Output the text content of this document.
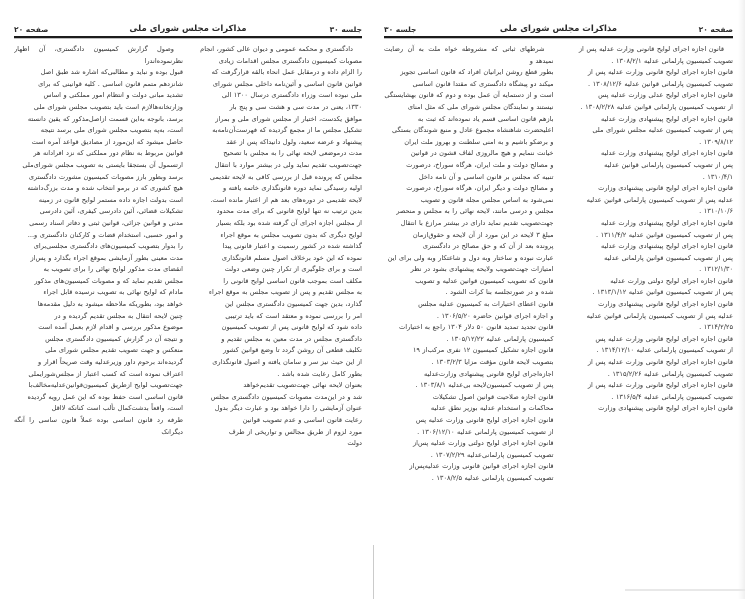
صفحه ۲۰
مذاکرات مجلس شورای ملی
جلسه ۳۰

قانون اجازه اجرای لوایح قانونی وزارت عدلیه پس از

تصویب کمیسیون پارلمانی عدلیه ۱۳۰۸/۲/۱ .

قانون اجازه اجرای لوایح قانونی وزارت عدلیه پس از

تصویب کمیسیون پارلمانی قوانین عدلیه ۱۳۰۸/۱۲/۶ .

قانون اجازه اجرای لوایح عدلی وزارت عدلیه پس

از تصویب کمیسیون پارلمانی قوانین عدلیه ۱۳۰۸/۲/۲۸ .

قانون اجازه اجرای لوایح پیشنهادی وزارت عدلیه

پس از تصویب کمیسیون عدلیه مجلس شورای ملی

۱۳۰۹/۸/۱۲ .

قانون اجازه اجرای لوایح پیشنهادی وزارت عدلیه

پس از تصویب کمیسیون پارلمانی قوانین عدلیه

۱۳۱۰/۴/۱ .

قانون اجازه اجرای لوایح قانونی پیشنهادی وزارت

عدلیه پس از تصویب کمیسیون پارلمانی قوانین عدلیه

۱۳۱۰/۱۰/۶ .

قانون اجازه اجرای لوایح پیشنهادی وزارت عدلیه

پس از تصویب کمیسیون قوانین عدلیه ۱۳۱۱/۴/۲ .

قانون اجازه اجرای لوایح پیشنهادی وزارت عدلیه

پس از تصویب کمیسیون قوانین پارلمانی عدلیه

۱۳۱۲/۱/۳۰ .

قانون اجازه اجرای لوایح دولتی وزارت عدلیه

پس از تصویب کمیسیون قوانین عدلیه ۱۳۱۳/۱/۱۲ .

قانون اجازه اجرای لوایح قانونی پیشنهادی وزارت

عدلیه پس از تصویب کمیسیون پارلمانی قوانین عدلیه

۱۳۱۴/۲/۲۵ .

قانون اجازه اجرای لوایح قانونی وزارت عدلیه پس

از تصویب کمیسیون پارلمانی عدلیه ۱۳۱۴/۱۲/۱۰ .

قانون اجازه اجرای لوایح قانونی وزارت عدلیه پس از

تصویب کمیسیون پارلمانی عدلیه ۱۳۱۵/۲/۲۶ .

قانون اجازه اجرای لوایح قانونی وزارت عدلیه پس از

تصویب کمیسیون پارلمانی عدلیه ۱۳۱۶/۵/۴ .

قانون اجازه اجرای لوایح قانونی پیشنهادی وزارت

شرطهای ثباتی که مشروطه خواه ملت به آن رضایت نمیدهد و

بطور قطع روشن ایرانیان افراد که قانون اساسی تجویز

میکند دو پیشگاه دادگستری که مقتدا قانون اساسی

است و از دستمایه آن عمل بوده و دوم که قانون بهشایستگی

نیستند و نمایندگان مجلس شورای ملی که مثل امنای

بازهم قانون اساسی قسم یاد نموده‌اند که ثبت به

اعلیحضرت شاهنشاه مجموع عادل و منبع شوندگان بستگی

و برضکو باشیم و به امنی سلطنت و بهروز ملت ایران

خیانت ننمایم و هیچ مالروزی لفاف قشون در قوانین

و مصالح دولت و ملت ایران، هرگاه سوراخ، درصورت

تنبیه که مجلس بر قانون اساسی و آن نامه داخل

و مصالح دولت و دیگر ایران، هرگاه سوراخ، درصورت

نمی‌شود به اساس مجلس مجله قانون و تصویب

مجلس و درسی مانند، لایحه نهائی را به مجلس و منحصر

جهت‌تصویب تقدیم نماید دارای در بیشتر مرازع با انتقال

مبلغ ۳ لایحه در این مورد از آن لایحه و حقوق‌ازمان

پرونده بعد از آن که و حق مصالح در دادگستری

عبارت نبوده و ساختار وبه دول و شاعتکار وبه ولی برای این

امتیازات جهت‌تصویب ولایحه پیشنهادی بشود در نظر

قانون که تصویب کمیسیون قوانین عدلیه و تصویب

شده و در صورتجلسه بنا کرات الشود .

قانون اعطای اختیارات به کمیسیون عدلیه مجلس

و اجازه اجرای قوانین حاضره ۱۳۰۶/۵/۲۰ .

قانون تجدید تمدید قانون ۵۰ دلار ۱۳۰۴ راجع به اختیارات

کمیسیون پارلمانی عدلیه ۱۳۰۵/۱۲/۲۲ .

قانون اجازه تشکیل کمیسیون ۱۲ نفری مرکب‌از ۱۹

بتصویب لایحه قانون مؤقت مزایا ۱۳۰۳/۲/۳ .

اجازه‌اجرای لوایح قانونی پیشنهادی وزارت‌عدلیه

پس از تصویب کمیسیون‌لایحه بی‌عدلیه ۱۳۰۳/۸/۱ .

قانون اجازه صلاحیت قوانین اصول تشکیلات

محاکمات و استخدام عدلیه بوزیر نطق عدلیه

قانون اجازه اجرای لوایح قانونی وزارت عدلیه پس

از تصویب کمیسیون پارلمانی عدلیه ۱۳۰۶/۱۲/۱۰ .

قانون اجازه اجرای لوایح دولتی وزارت عدلیه پس‌از

تصویب کمیسیون پارلمانی‌عدلیه ۱۳۰۷/۲/۲۹ .

قانون اجازه اجرای قوانین قانونی وزارت عدلیه‌پس‌از

تصویب کمیسیون پارلمانی عدلیه ۱۳۰۸/۲/۵ .

جلسه ۳۰
مذاکرات مجلس شورای ملی
صفحه ۲۰

دادگستری و محکمه عمومی و دیوان عالی کشور، انجام

مصوبات کمیسیون دادگستری مجلس اقدامات زیادی

را الزام داده و درمقابل عمل انحاء بالقه قرارگرفت که

قوانین قانون اساسی و آئین‌نامه داخلی مجلس شورای

ملی نبوده است وزراء دادگستری درسال ۱۳۰۰ الی

۱۳۳۰، یعنی در مدت سی و هشت سی و پنج بار

موافق یکدست، اختیار از مجلس شورای ملی و بمراز

تشکیل مجلس ما از مجمع گردیده که فهرست‌آن‌نامه‌به

پیشنهاد و عرضه سعید، ولول دانیداکه پس از عقد

مدت درموضعی لایحه نهائی را به مجلس با تصحیح

جهت‌تصویب تقدیم نماید ولی در بیشتر موارد با انتقال

مجلس که پرونده قبل از بررسی کافی به لایحه تقدیمی

اولیه رسیدگی نماید دوره قانونگذاری خاتمه یافته و

لایحه تقدیمی در دوره‌های بعد هم از اعتبار مانده است.

بدین ترتیب نه تنها لوایح قانونی که برای مدت محدود

از مجلس اجازه اجرای آن گرفته شده بود بلکه بسیار

لوایح دیگری که بدون تصویب مجلس به موقع اجراء

گذاشته شده در کشور رسمیت و اعتبار قانونی پیدا

نموده که این خود برخلاف اصول مسلم قانونگذاری

است و برای جلوگیری از تکرار چنین وضعی دولت

مکلف است بموجب قانون اساسی لوایح قانونی را

به مجلس تقدیم و پس از تصویب مجلس به موقع اجراء

گذارد، بدین جهت کمیسیون دادگستری مجلس این

امر را بررسی نموده و معتقد است که باید ترتیبی

داده شود که لوایح قانونی پس از تصویب کمیسیون

دادگستری مجلس در مدت معین به مجلس تقدیم و

تکلیف قطعی آن روشن گردد تا وضع قوانین کشور

از این حیث نیز سر و سامان یافته و اصول قانونگذاری

بطور کامل رعایت شده باشد .

بعنوان لایحه نهائی جهت‌تصویب تقدیم‌خواهد

شد و در این‌مدت مصوبات کمیسیون دادگستری مجلس

عنوان آزمایشی را دارا خواهد بود و عبارت دیگر بدول

رعایت قانون اساسی و عدم تصویب قوانین

مورد لزوم از طریق مجالس و تواریخی از طرف

دولت

وصول گزارش کمیسیون دادگستری، آن اظهار نظرنموده‌اند‌را

قبول بوده و نباید و مطالبی‌که اشاره شد طبق اصل

شانزدهم متمم قانون اساسی . کلیه قوانینی که برای

تشدید مبانی دولت و انتظام امور مملکتی و اساس

وزارتخانه‌ها‌لازم است باید بتصویب مجلس شورای ملی

برسد، بانوجه به‌این قسمت ازاصل‌مذکور که یقین دانسته

است، به‌په بتصویب مجلس شورای ملی برسد نتیجه

حاصل میشود که این‌مورد از مصادیق قواعد آمره است

قوانین مربوط به نظام دور مملکتی که نزد افرادانه هر

ارتسمول آن بستجقا بایستی به تصویب مجلس شورای‌ملی

برسد وبطور بارز مصوبات کمیسیون مشورت دادگستری

هیچ کشوری که در برمو انتخاب شده و مدت بزرگ‌داشته

است بدولت اجازه داده مستمر لوایح قانون در زمینه

تشکیلات قضائی، آئین دادرسی کیفری، آئین دادرسی

مدنی و قوانین جزائی، قوانین ثبتی و دفاتر اسناد رسمی

و امور حسبی، استخدام قضات و کارکنان دادگستری و...

را بدوار بتصویب کمیسیون‌های دادگستری مجلسی‌برای

مدت معینی بطور آزمایشی بموقع اجراء بگذارد و پس‌از

انقضای مدت مذکور لوایح نهائی را برای تصویب به

مجلس تقدیم نماید که و مصوبات کمیسیون‌های مذکور

مادام که لوایح نهائی به تصویب نرسیده قابل اجراء

خواهد بود، بطوریکه ملاحظه میشود به دلیل مقدمه‌ها

چنین لایحه انتقال به مجلس تقدیم گردیده و در

موضوع مذکور بررسی و اقدام لازم بعمل آمده است

و نتیجه آن در گزارش کمیسیون دادگستری مجلس

منعکس و جهت تصویب تقدیم مجلس شورای ملی

گردیده‌اند برحوم داور وزیرعدلیه وقت صریحاً اقرار و

اعتراف نموده است که کسب اعتبار از مجلس‌شورایملی

جهت‌تصویب لوایح ازطریق کمیسیون‌قوانین‌عدلیه‌مخالف‌با

قانون اساسی است حفظ بوده که این عمل رویه گردیده

است، واقعاً بدشت‌کمال تألب است کنانکه لااقل

طرفه رد قانون اساسی بوده عملاً قانون ساسی را آنگه دیگرانک
